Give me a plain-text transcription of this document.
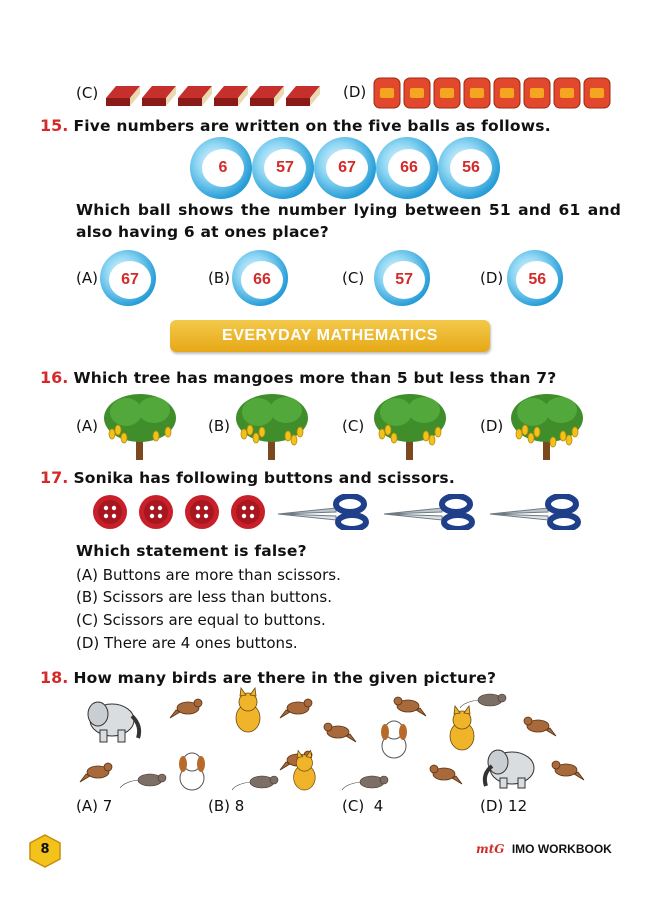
(C)	(D)
15. Five numbers are written on the five balls as follows.
6	57	67	66	56
Which ball shows the number lying between 51 and 61 and
also having 6 at ones place?
(A)	67	(B)	66	(C)	57	(D)	56
EVERYDAY MATHEMATICS
16. Which tree has mangoes more than 5 but less than 7?
(A)	(B)	(C)	(D)
17. Sonika has following buttons and scissors.
Which statement is false?
(A) Buttons are more than scissors.
(B) Scissors are less than buttons.
(C) Scissors are equal to buttons.
(D) There are 4 ones buttons.
18. How many birds are there in the given picture?
(A) 7	(B) 8	(C)  4	(D) 12
8	mtG IMO WORKBOOK
